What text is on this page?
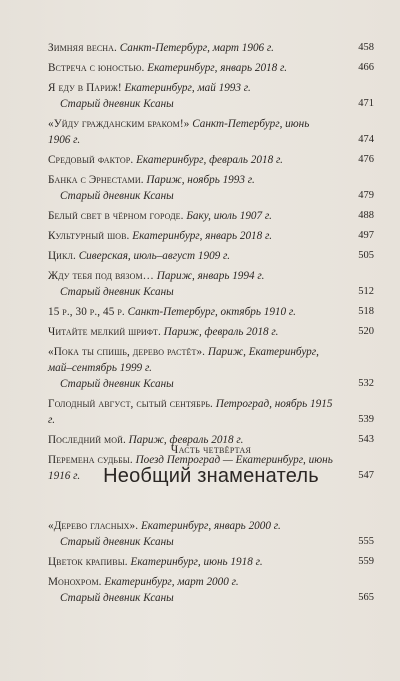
Зимняя весна. Санкт-Петербург, март 1906 г.	458
Встреча с юностью. Екатеринбург, январь 2018 г.	466
Я еду в Париж! Екатеринбург, май 1993 г.
Старый дневник Ксаны	471
«Уйду гражданским браком!» Санкт-Петербург, июнь 1906 г.	474
Средовый фактор. Екатеринбург, февраль 2018 г.	476
Банка с Эрнестами. Париж, ноябрь 1993 г.
Старый дневник Ксаны	479
Белый свет в чёрном городе. Баку, июль 1907 г.	488
Культурный шов. Екатеринбург, январь 2018 г.	497
Цикл. Сиверская, июль–август 1909 г.	505
Жду тебя под вязом… Париж, январь 1994 г.
Старый дневник Ксаны	512
15 р., 30 р., 45 р. Санкт-Петербург, октябрь 1910 г.	518
Читайте мелкий шрифт. Париж, февраль 2018 г.	520
«Пока ты спишь, дерево растёт». Париж, Екатеринбург, май–сентябрь 1999 г.
Старый дневник Ксаны	532
Голодный август, сытый сентябрь. Петроград, ноябрь 1915 г.	539
Последний мой. Париж, февраль 2018 г.	543
Перемена судьбы. Поезд Петроград — Екатеринбург, июнь 1916 г.	547
Часть четвёртая
Необщий знаменатель
«Дерево гласных». Екатеринбург, январь 2000 г.
Старый дневник Ксаны	555
Цветок крапивы. Екатеринбург, июнь 1918 г.	559
Монохром. Екатеринбург, март 2000 г.
Старый дневник Ксаны	565
